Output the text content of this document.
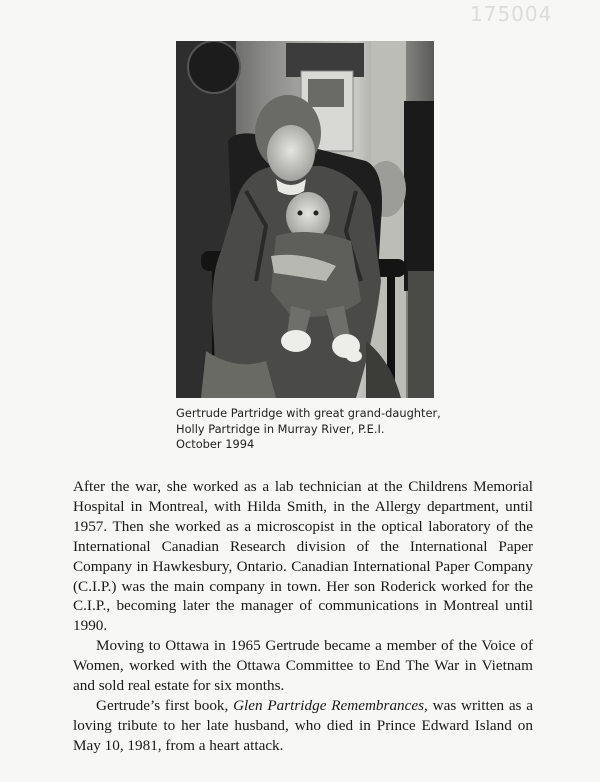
175004
Gertrude Partridge with great grand-daughter,
Holly Partridge in Murray River, P.E.I.
October 1994

After the war, she worked as a lab technician at the Childrens Memorial Hospital in Montreal, with Hilda Smith, in the Allergy department, until 1957. Then she worked as a microscopist in the optical laboratory of the International Canadian Research division of the International Paper Company in Hawkesbury, Ontario. Canadian International Paper Company (C.I.P.) was the main company in town. Her son Roderick worked for the C.I.P., becoming later the manager of communications in Montreal until 1990.

Moving to Ottawa in 1965 Gertrude became a member of the Voice of Women, worked with the Ottawa Committee to End The War in Vietnam and sold real estate for six months.

Gertrude’s first book, Glen Partridge Remembrances, was written as a loving tribute to her late husband, who died in Prince Edward Island on May 10, 1981, from a heart attack.
